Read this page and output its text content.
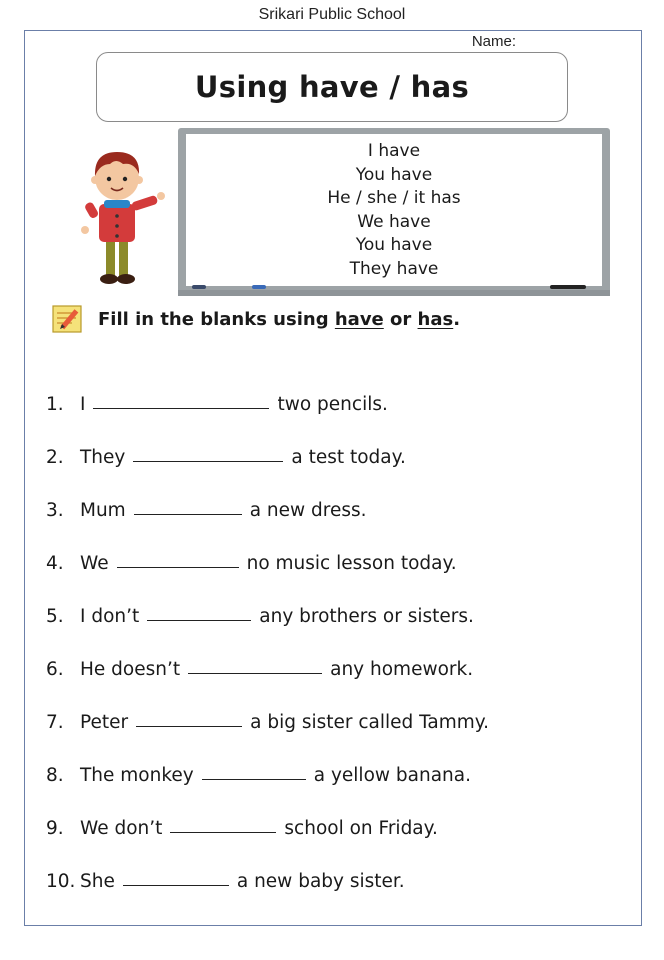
Srikari Public School
Name:
Using have / has
I have
You have
He / she / it has
We have
You have
They have
Fill in the blanks using have or has.
1. I	two pencils.
2. They	a test today.
3. Mum	a new dress.
4. We	no music lesson today.
5. I don’t	any brothers or sisters.
6. He doesn’t	any homework.
7. Peter	a big sister called Tammy.
8. The monkey	a yellow banana.
9. We don’t	school on Friday.
10. She	a new baby sister.
